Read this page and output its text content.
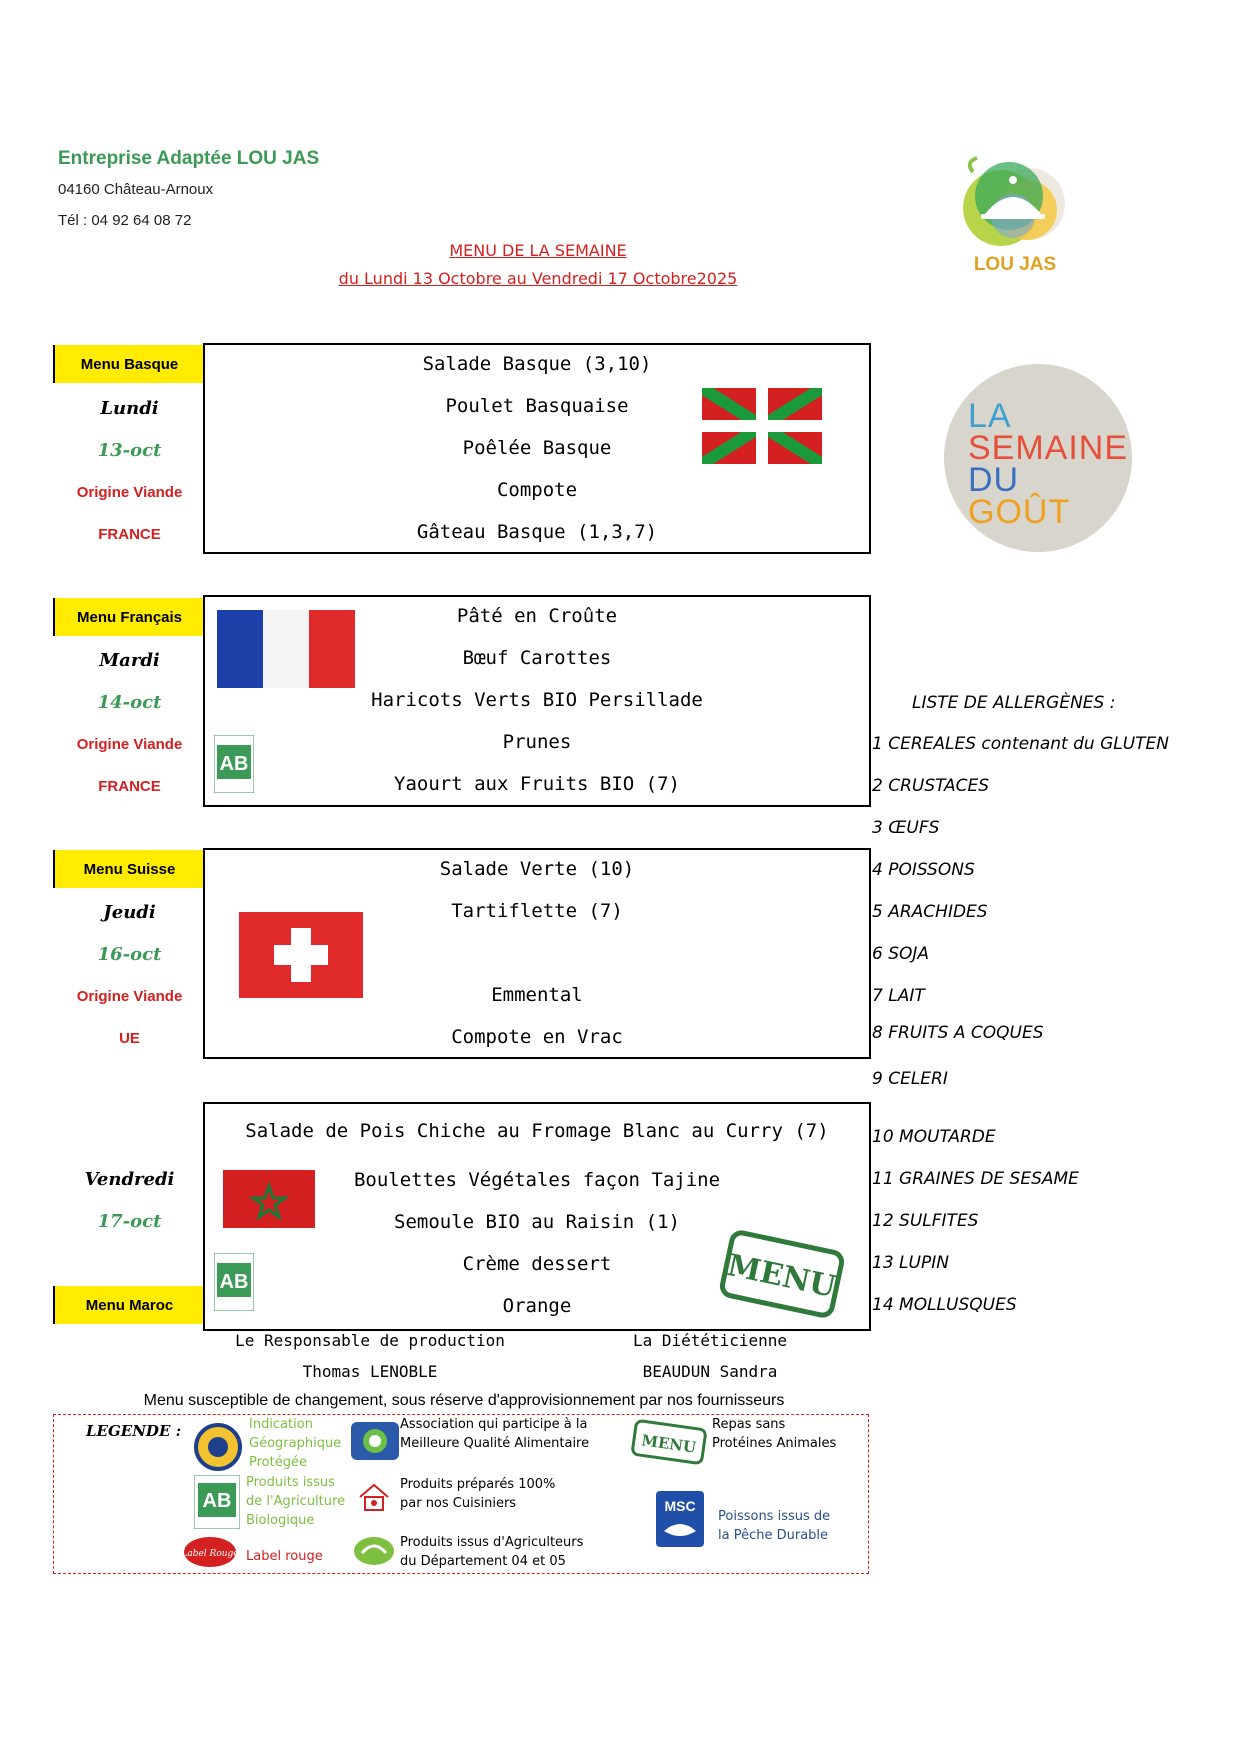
Entreprise Adaptée LOU JAS
04160 Château-Arnoux
Tél : 04 92 64 08 72
MENU DE LA SEMAINE
du Lundi 13 Octobre au Vendredi 17 Octobre2025
LOU JAS
LA
SEMAINE
DU
GOÛT
Menu Basque
Lundi
13-oct
Origine Viande
FRANCE
Salade Basque (3,10)
Poulet Basquaise
Poêlée Basque
Compote
Gâteau Basque (1,3,7)
Menu Français
Mardi
14-oct
Origine Viande
FRANCE
Pâté en Croûte
Bœuf Carottes
Haricots Verts BIO Persillade
Prunes
Yaourt aux Fruits BIO (7)
AB
Menu Suisse
Jeudi
16-oct
Origine Viande
UE
Salade Verte (10)
Tartiflette (7)
Emmental
Compote en Vrac
Vendredi
17-oct
Menu Maroc
Salade de Pois Chiche au Fromage Blanc au Curry (7)
Boulettes Végétales façon Tajine
Semoule BIO au Raisin (1)
Crème dessert
Orange
AB	MENU
LISTE DE ALLERGÈNES :
1 CEREALES contenant du GLUTEN
2 CRUSTACES
3 ŒUFS
4 POISSONS
5 ARACHIDES
6 SOJA
7 LAIT
8 FRUITS A COQUES
9 CELERI
10 MOUTARDE
11 GRAINES DE SESAME
12 SULFITES
13 LUPIN
14 MOLLUSQUES
Le Responsable de production
Thomas LENOBLE
La Diététicienne
BEAUDUN Sandra
Menu susceptible de changement, sous réserve d'approvisionnement par nos fournisseurs
LEGENDE :	Indication
Géographique
Protégée
AB
Produits issus
de l'Agriculture
Biologique
Label Rouge Label rouge
Association qui participe à la
Meilleure Qualité Alimentaire
Produits préparés 100%
par nos Cuisiniers
Produits issus d'Agriculteurs
du Département 04 et 05
MENU
Repas sans
Protéines Animales
MSC
Poissons issus de
la Pêche Durable
